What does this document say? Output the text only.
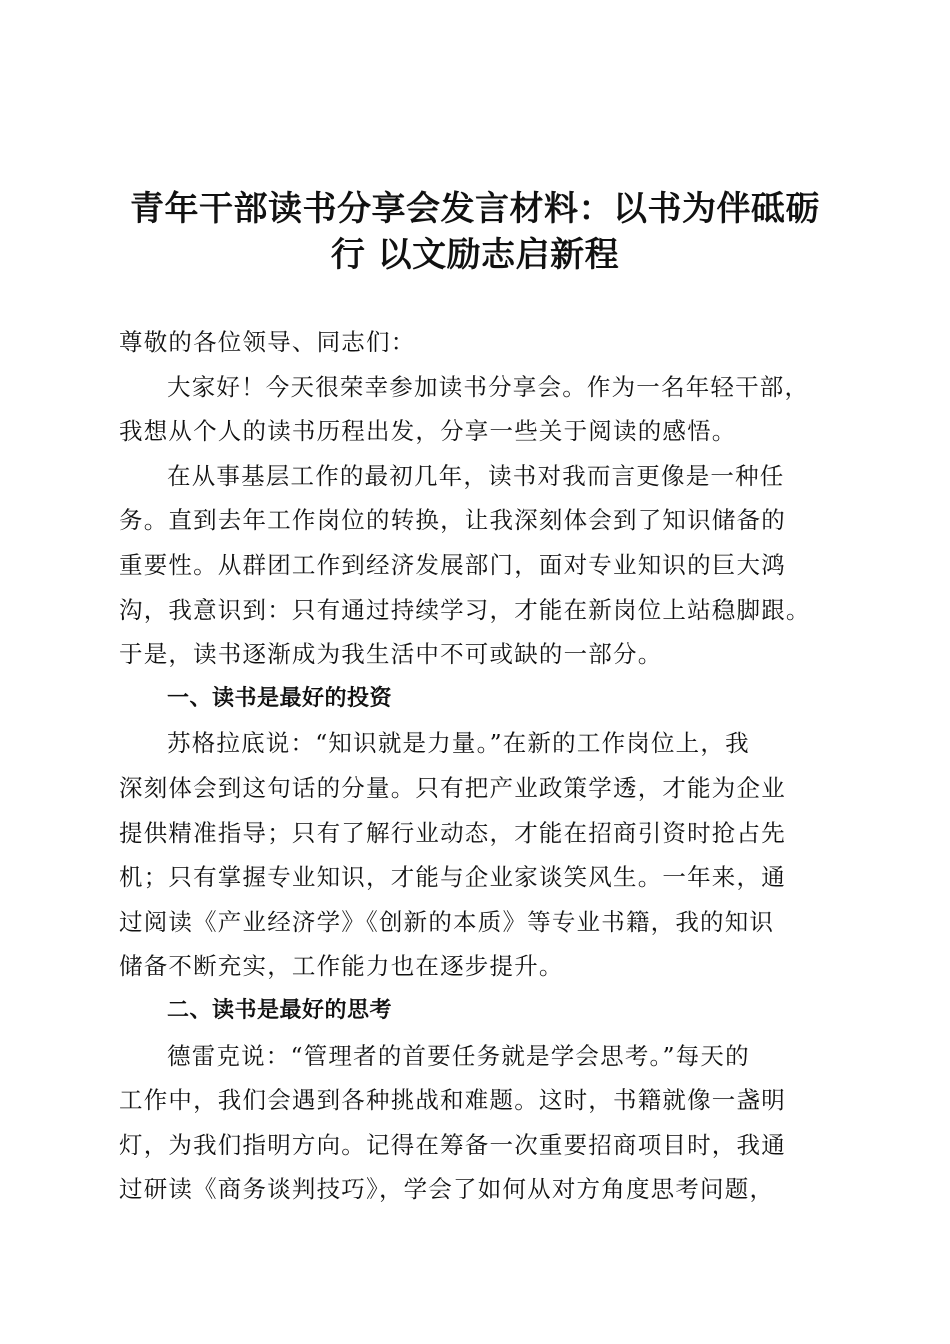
青年干部读书分享会发言材料：以书为伴砥砺
行 以文励志启新程

尊敬的各位领导、同志们：

大家好！今天很荣幸参加读书分享会。作为一名年轻干部，
我想从个人的读书历程出发，分享一些关于阅读的感悟。

在从事基层工作的最初几年，读书对我而言更像是一种任
务。直到去年工作岗位的转换，让我深刻体会到了知识储备的
重要性。从群团工作到经济发展部门，面对专业知识的巨大鸿
沟，我意识到：只有通过持续学习，才能在新岗位上站稳脚跟。
于是，读书逐渐成为我生活中不可或缺的一部分。

一、读书是最好的投资

苏格拉底说：“知识就是力量。”在新的工作岗位上，我
深刻体会到这句话的分量。只有把产业政策学透，才能为企业
提供精准指导；只有了解行业动态，才能在招商引资时抢占先
机；只有掌握专业知识，才能与企业家谈笑风生。一年来，通
过阅读《产业经济学》《创新的本质》等专业书籍，我的知识
储备不断充实，工作能力也在逐步提升。

二、读书是最好的思考

德雷克说：“管理者的首要任务就是学会思考。”每天的
工作中，我们会遇到各种挑战和难题。这时，书籍就像一盏明
灯，为我们指明方向。记得在筹备一次重要招商项目时，我通
过研读《商务谈判技巧》，学会了如何从对方角度思考问题，
